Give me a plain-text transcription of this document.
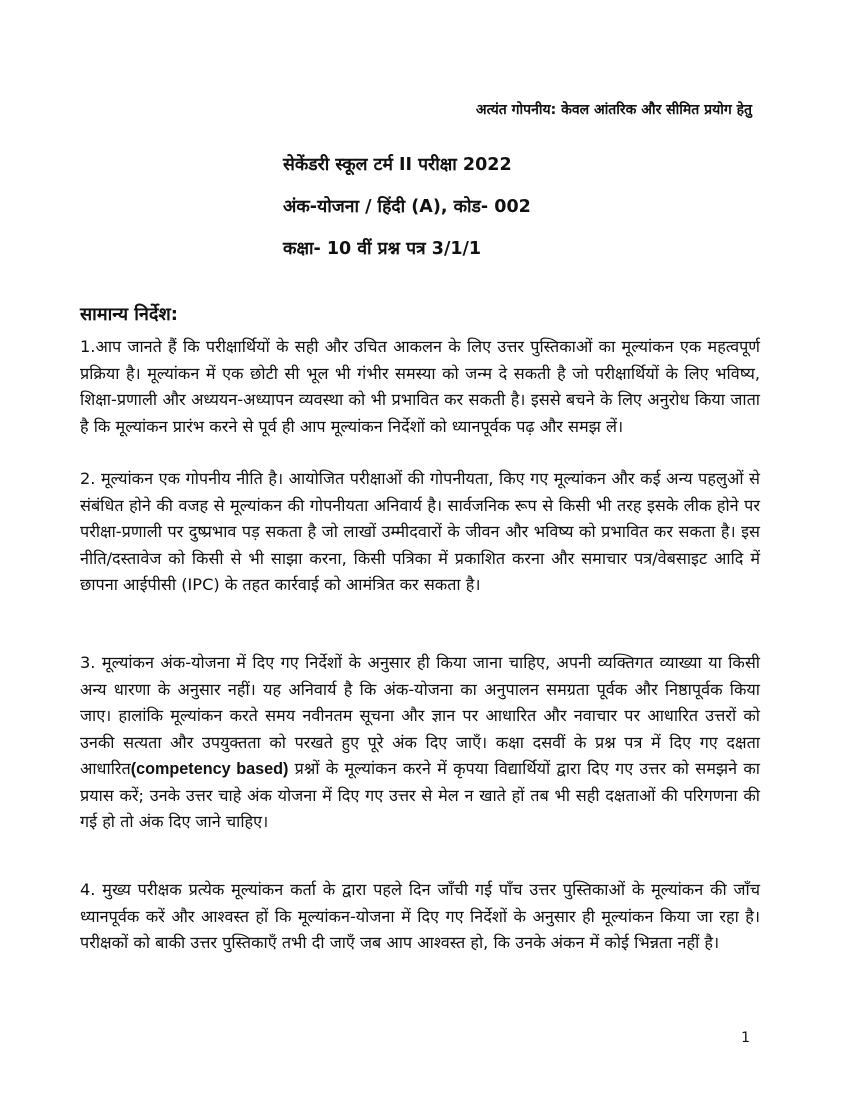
अत्यंत गोपनीय: केवल आंतरिक और सीमित प्रयोग हेतु
सेकेंडरी स्कूल टर्म II परीक्षा 2022
अंक-योजना / हिंदी (A), कोड- 002
कक्षा- 10 वीं प्रश्न पत्र 3/1/1
सामान्य निर्देश:

1.आप जानते हैं कि परीक्षार्थियों के सही और उचित आकलन के लिए उत्तर पुस्तिकाओं का मूल्यांकन एक महत्वपूर्ण प्रक्रिया है। मूल्यांकन में एक छोटी सी भूल भी गंभीर समस्या को जन्म दे सकती है जो परीक्षार्थियों के लिए भविष्य, शिक्षा-प्रणाली और अध्ययन-अध्यापन व्यवस्था को भी प्रभावित कर सकती है। इससे बचने के लिए अनुरोध किया जाता है कि मूल्यांकन प्रारंभ करने से पूर्व ही आप मूल्यांकन निर्देशों को ध्यानपूर्वक पढ़ और समझ लें।

2. मूल्यांकन एक गोपनीय नीति है। आयोजित परीक्षाओं की गोपनीयता, किए गए मूल्यांकन और कई अन्य पहलुओं से संबंधित होने की वजह से मूल्यांकन की गोपनीयता अनिवार्य है। सार्वजनिक रूप से किसी भी तरह इसके लीक होने पर परीक्षा-प्रणाली पर दुष्प्रभाव पड़ सकता है जो लाखों उम्मीदवारों के जीवन और भविष्य को प्रभावित कर सकता है। इस नीति/दस्तावेज को किसी से भी साझा करना, किसी पत्रिका में प्रकाशित करना और समाचार पत्र/वेबसाइट आदि में छापना आईपीसी (IPC) के तहत कार्रवाई को आमंत्रित कर सकता है।

3. मूल्यांकन अंक-योजना में दिए गए निर्देशों के अनुसार ही किया जाना चाहिए, अपनी व्यक्तिगत व्याख्या या किसी अन्य धारणा के अनुसार नहीं। यह अनिवार्य है कि अंक-योजना का अनुपालन समग्रता पूर्वक और निष्ठापूर्वक किया जाए। हालांकि मूल्यांकन करते समय नवीनतम सूचना और ज्ञान पर आधारित और नवाचार पर आधारित उत्तरों को उनकी सत्यता और उपयुक्तता को परखते हुए पूरे अंक दिए जाएँ। कक्षा दसवीं के प्रश्न पत्र में दिए गए दक्षता आधारित(competency based) प्रश्नों के मूल्यांकन करने में कृपया विद्यार्थियों द्वारा दिए गए उत्तर को समझने का प्रयास करें; उनके उत्तर चाहे अंक योजना में दिए गए उत्तर से मेल न खाते हों तब भी सही दक्षताओं की परिगणना की गई हो तो अंक दिए जाने चाहिए।

4. मुख्य परीक्षक प्रत्येक मूल्यांकन कर्ता के द्वारा पहले दिन जाँची गई पाँच उत्तर पुस्तिकाओं के मूल्यांकन की जाँच ध्यानपूर्वक करें और आश्वस्त हों कि मूल्यांकन-योजना में दिए गए निर्देशों के अनुसार ही मूल्यांकन किया जा रहा है। परीक्षकों को बाकी उत्तर पुस्तिकाएँ तभी दी जाएँ जब आप आश्वस्त हो, कि उनके अंकन में कोई भिन्नता नहीं है।

1
